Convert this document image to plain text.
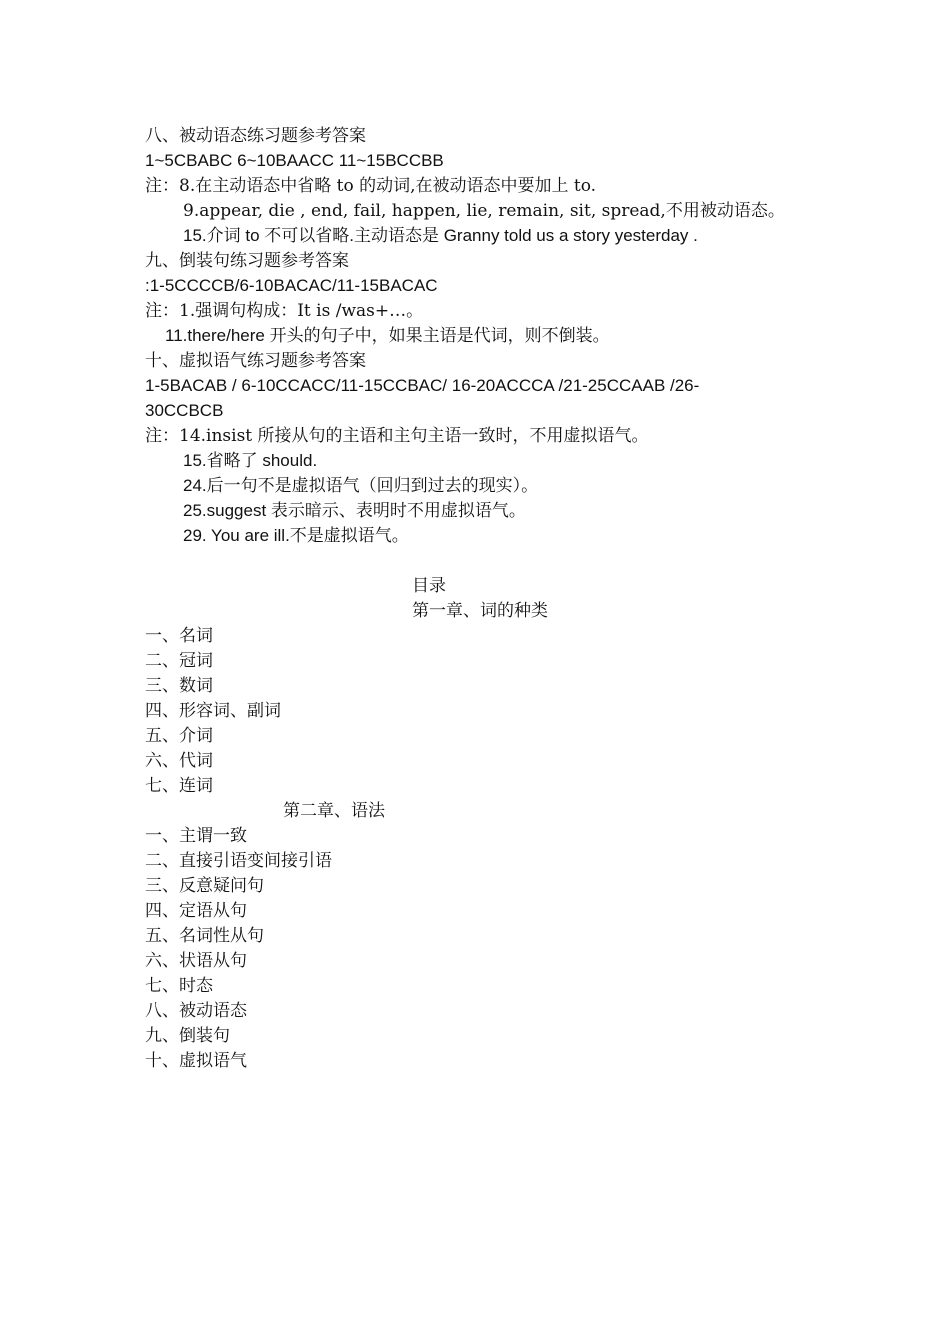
八、被动语态练习题参考答案
1~5CBABC 6~10BAACC 11~15BCCBB
注：8.在主动语态中省略 to 的动词,在被动语态中要加上 to.
9.appear, die , end, fail, happen, lie, remain, sit, spread,不用被动语态。
15.介词 to 不可以省略.主动语态是 Granny told us a story yesterday .
九、倒装句练习题参考答案
:1-5CCCCB/6-10BACAC/11-15BACAC
注：1.强调句构成：It is /was+…。
11.there/here 开头的句子中，如果主语是代词，则不倒装。
十、虚拟语气练习题参考答案
1-5BACAB / 6-10CCACC/11-15CCBAC/ 16-20ACCCA /21-25CCAAB /26-
30CCBCB
注：14.insist 所接从句的主语和主句主语一致时，不用虚拟语气。
15.省略了 should.
24.后一句不是虚拟语气（回归到过去的现实）。
25.suggest 表示暗示、表明时不用虚拟语气。
29. You are ill.不是虚拟语气。
目录
第一章、词的种类
一、名词
二、冠词
三、数词
四、形容词、副词
五、介词
六、代词
七、连词
第二章、语法
一、主谓一致
二、直接引语变间接引语
三、反意疑问句
四、定语从句
五、名词性从句
六、状语从句
七、时态
八、被动语态
九、倒装句
十、虚拟语气
